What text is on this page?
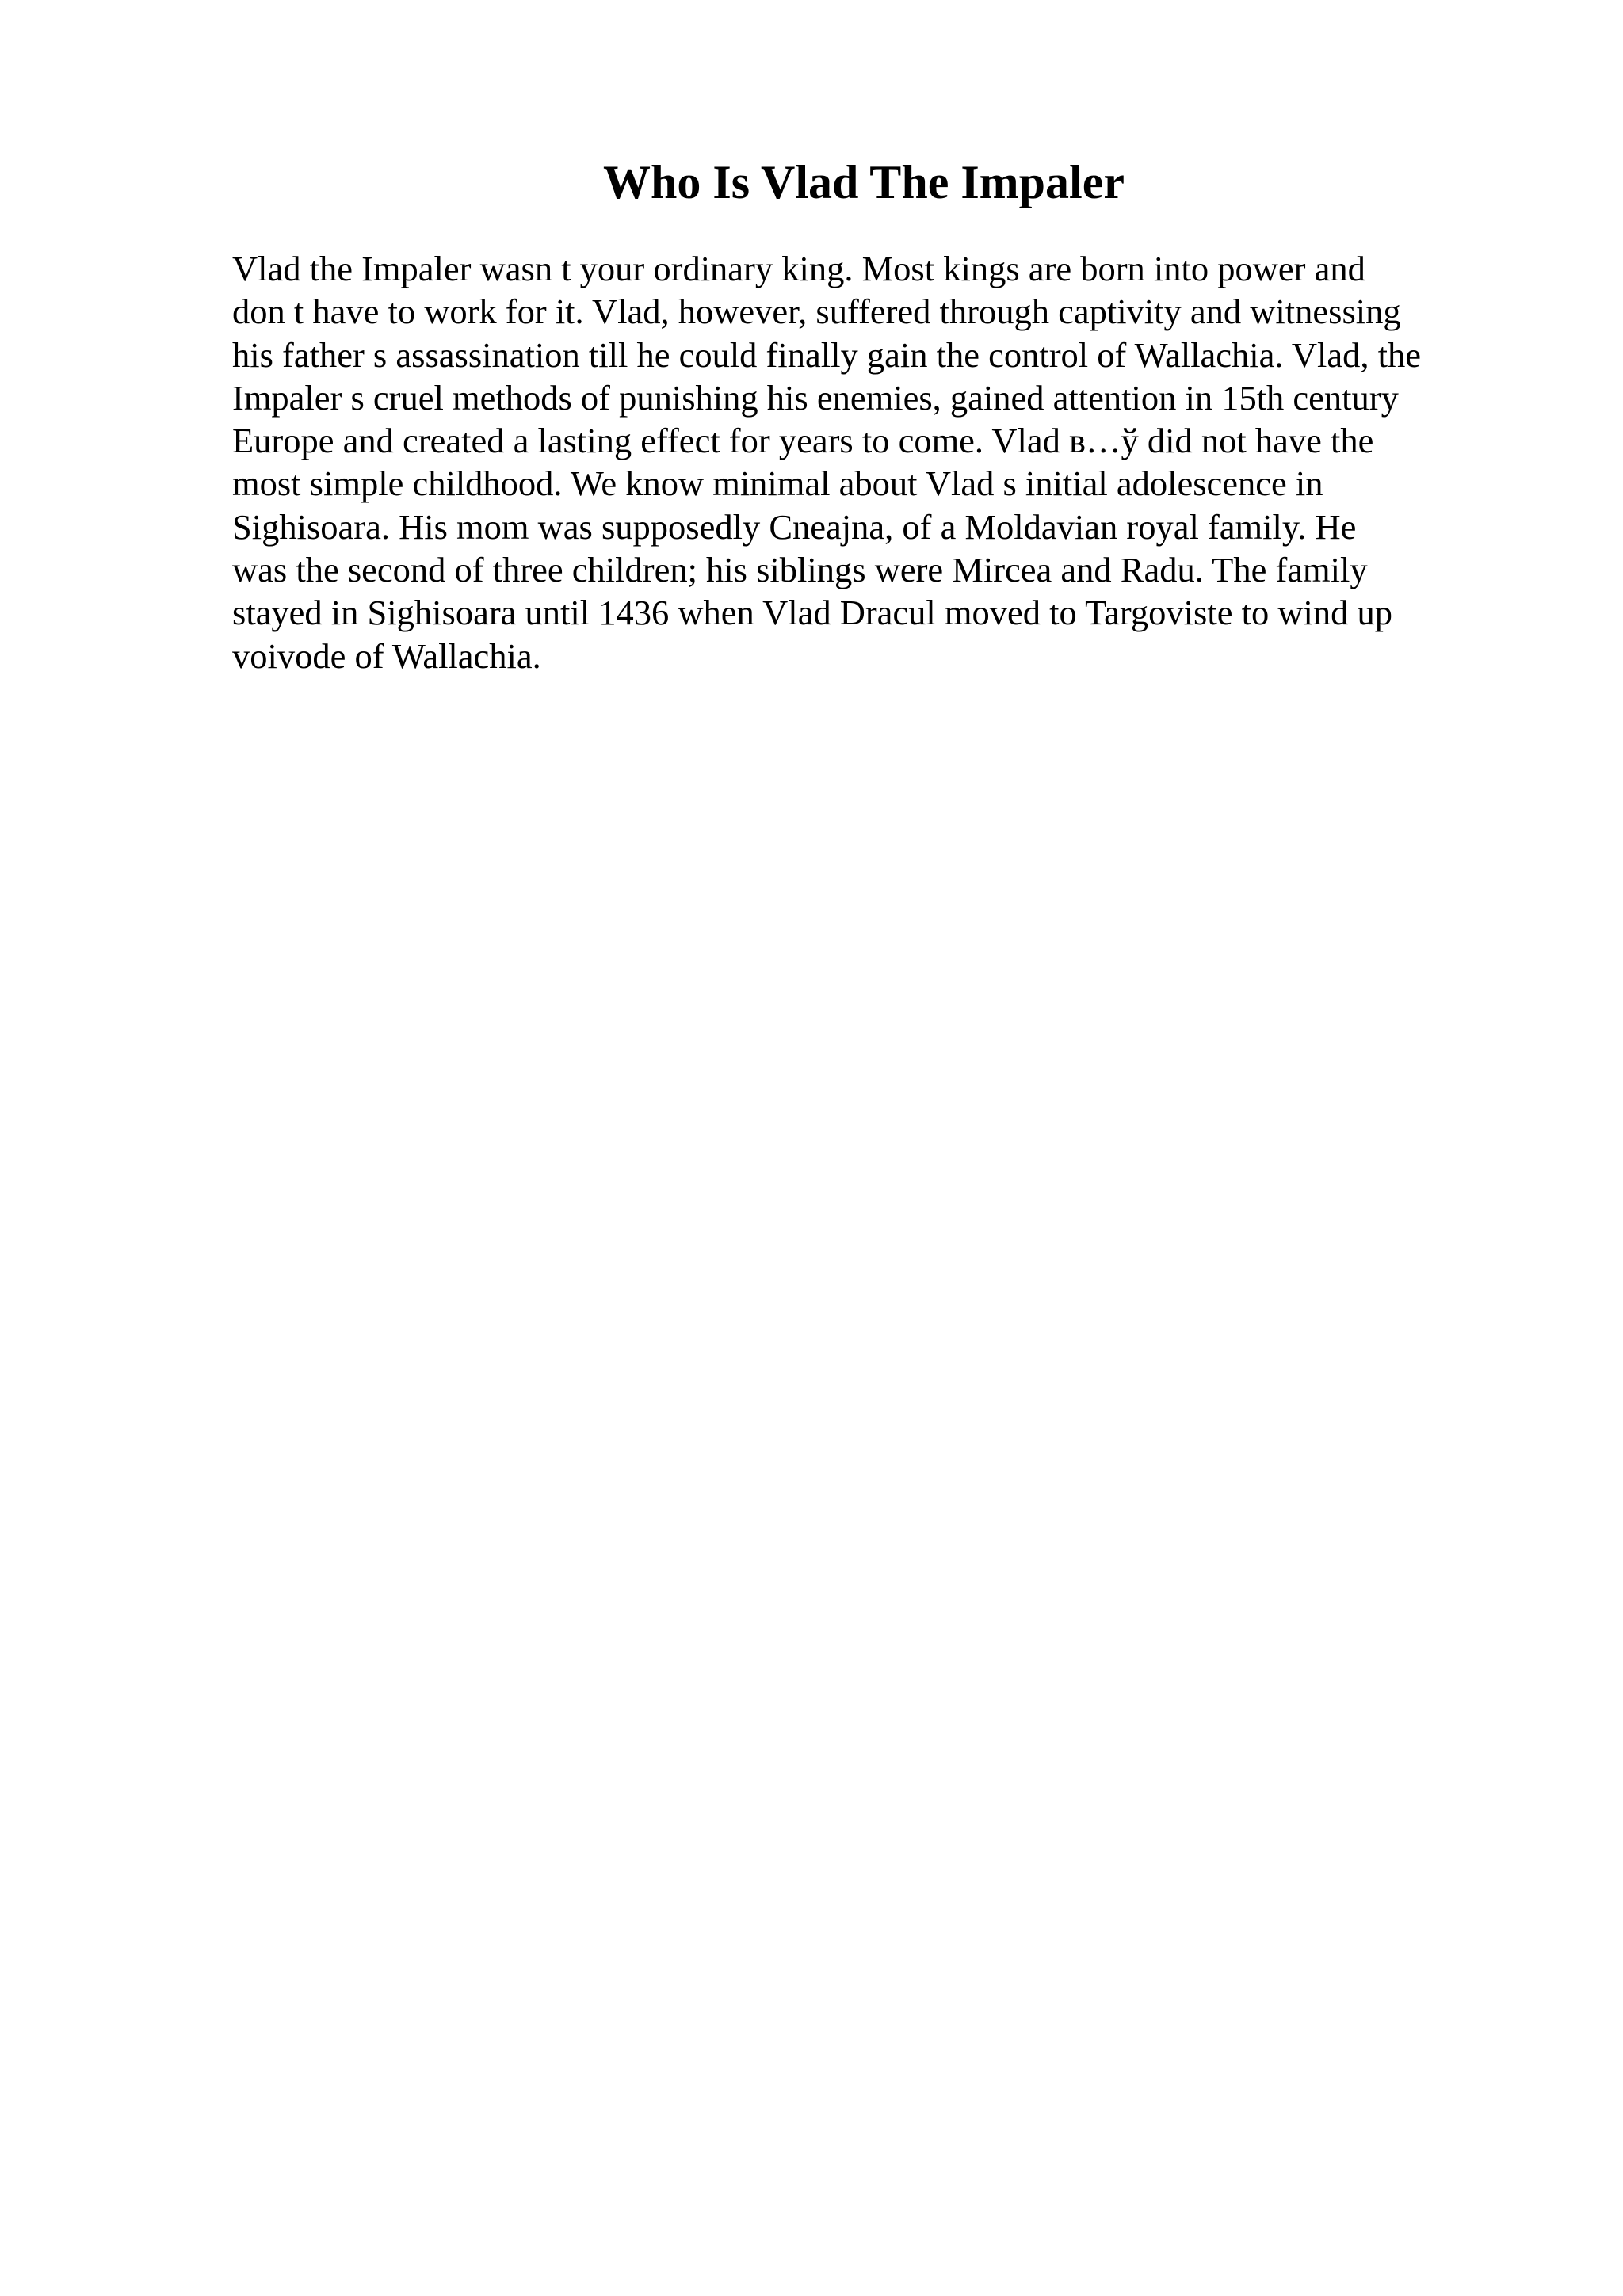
Who Is Vlad The Impaler
Vlad the Impaler wasn t your ordinary king. Most kings are born into power and
don t have to work for it. Vlad, however, suffered through captivity and witnessing
his father s assassination till he could finally gain the control of Wallachia. Vlad, the
Impaler s cruel methods of punishing his enemies, gained attention in 15th century
Europe and created a lasting effect for years to come. Vlad в…ў did not have the
most simple childhood. We know minimal about Vlad s initial adolescence in
Sighisoara. His mom was supposedly Cneajna, of a Moldavian royal family. He
was the second of three children; his siblings were Mircea and Radu. The family
stayed in Sighisoara until 1436 when Vlad Dracul moved to Targoviste to wind up
voivode of Wallachia.
